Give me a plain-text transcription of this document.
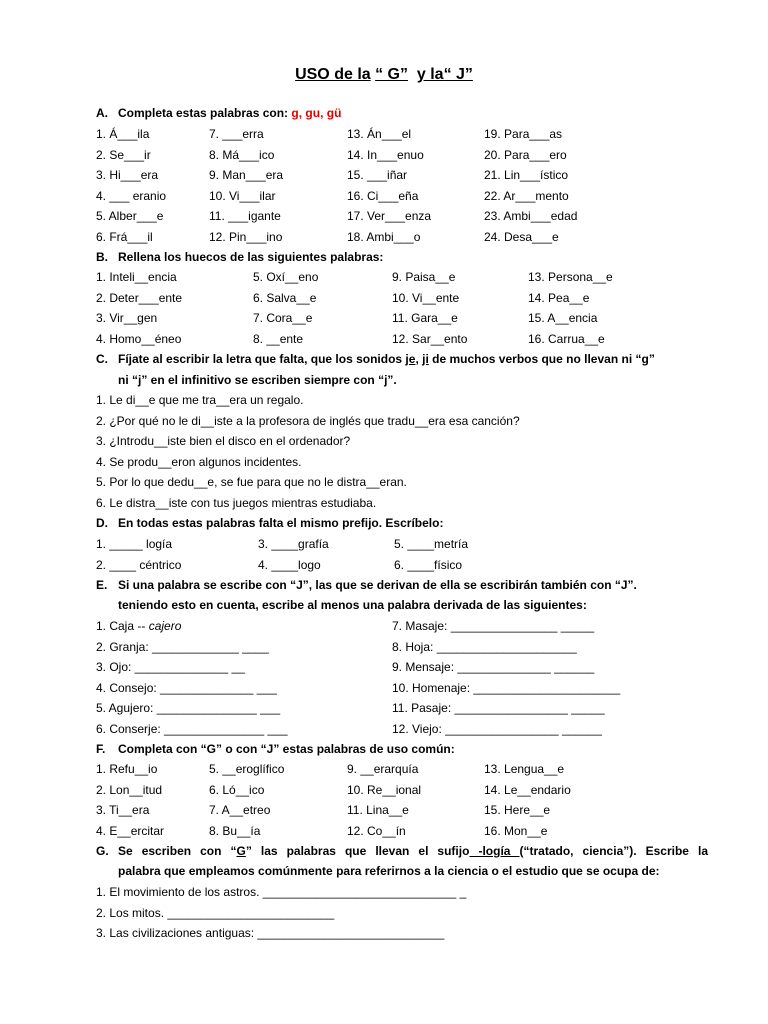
USO de la “ G” y la“ J”
A. Completa estas palabras con: g, gu, gü
1. Á___ila	7. ___erra	13. Án___el	19. Para___as
2. Se___ir	8. Má___ico	14. In___enuo	20. Para___ero
3. Hi___era	9. Man___era	15. ___iñar	21. Lin___ístico
4. ___ eranio	10. Vi___ilar	16. Ci___eña	22. Ar___mento
5. Alber___e	11. ___igante	17. Ver___enza	23. Ambi___edad
6. Frá___il	12. Pin___ino	18. Ambi___o	24. Desa___e
B. Rellena los huecos de las siguientes palabras:
1. Inteli__encia	5. Oxí__eno	9. Paisa__e	13. Persona__e
2. Deter___ente	6. Salva__e	10. Vi__ente	14. Pea__e
3. Vir__gen	7. Cora__e	11. Gara__e	15. A__encia
4. Homo__éneo	8. __ente	12. Sar__ento	16. Carrua__e
C. Fíjate al escribir la letra que falta, que los sonidos je, ji de muchos verbos que no llevan ni “g”
ni “j” en el infinitivo se escriben siempre con “j”.
1. Le di__e que me tra__era un regalo.
2. ¿Por qué no le di__iste a la profesora de inglés que tradu__era esa canción?
3. ¿Introdu__iste bien el disco en el ordenador?
4. Se produ__eron algunos incidentes.
5. Por lo que dedu__e, se fue para que no le distra__eran.
6. Le distra__iste con tus juegos mientras estudiaba.
D. En todas estas palabras falta el mismo prefijo. Escríbelo:
1. _____ logía	3. ____grafía	5. ____metría
2. ____ céntrico	4. ____logo	6. ____físico
E. Si una palabra se escribe con “J”, las que se derivan de ella se escribirán también con “J”.
teniendo esto en cuenta, escribe al menos una palabra derivada de las siguientes:
1. Caja -- cajero	7. Masaje: ________________ _____
2. Granja: _____________ ____	8. Hoja: _____________________
3. Ojo: ______________ __	9. Mensaje: ______________ ______
4. Consejo: ______________ ___	10. Homenaje: ______________________
5. Agujero: _______________ ___	11. Pasaje: _________________ _____
6. Conserje: _______________ ___	12. Viejo: _________________ ______
F. Completa con “G” o con “J” estas palabras de uso común:
1. Refu__io	5. __eroglífico	9. __erarquía	13. Lengua__e
2. Lon__itud	6. Ló__ico	10. Re__ional	14. Le__endario
3. Ti__era	7. A__etreo	11. Lina__e	15. Here__e
4. E__ercitar	8. Bu__ía	12. Co__ín	16. Mon__e
G. Se escriben con “G” las palabras que llevan el sufijo -logía (“tratado, ciencia”). Escribe la
palabra que empleamos comúnmente para referirnos a la ciencia o el estudio que se ocupa de:
1. El movimiento de los astros. _____________________________ _
2. Los mitos. _________________________
3. Las civilizaciones antiguas: ____________________________
